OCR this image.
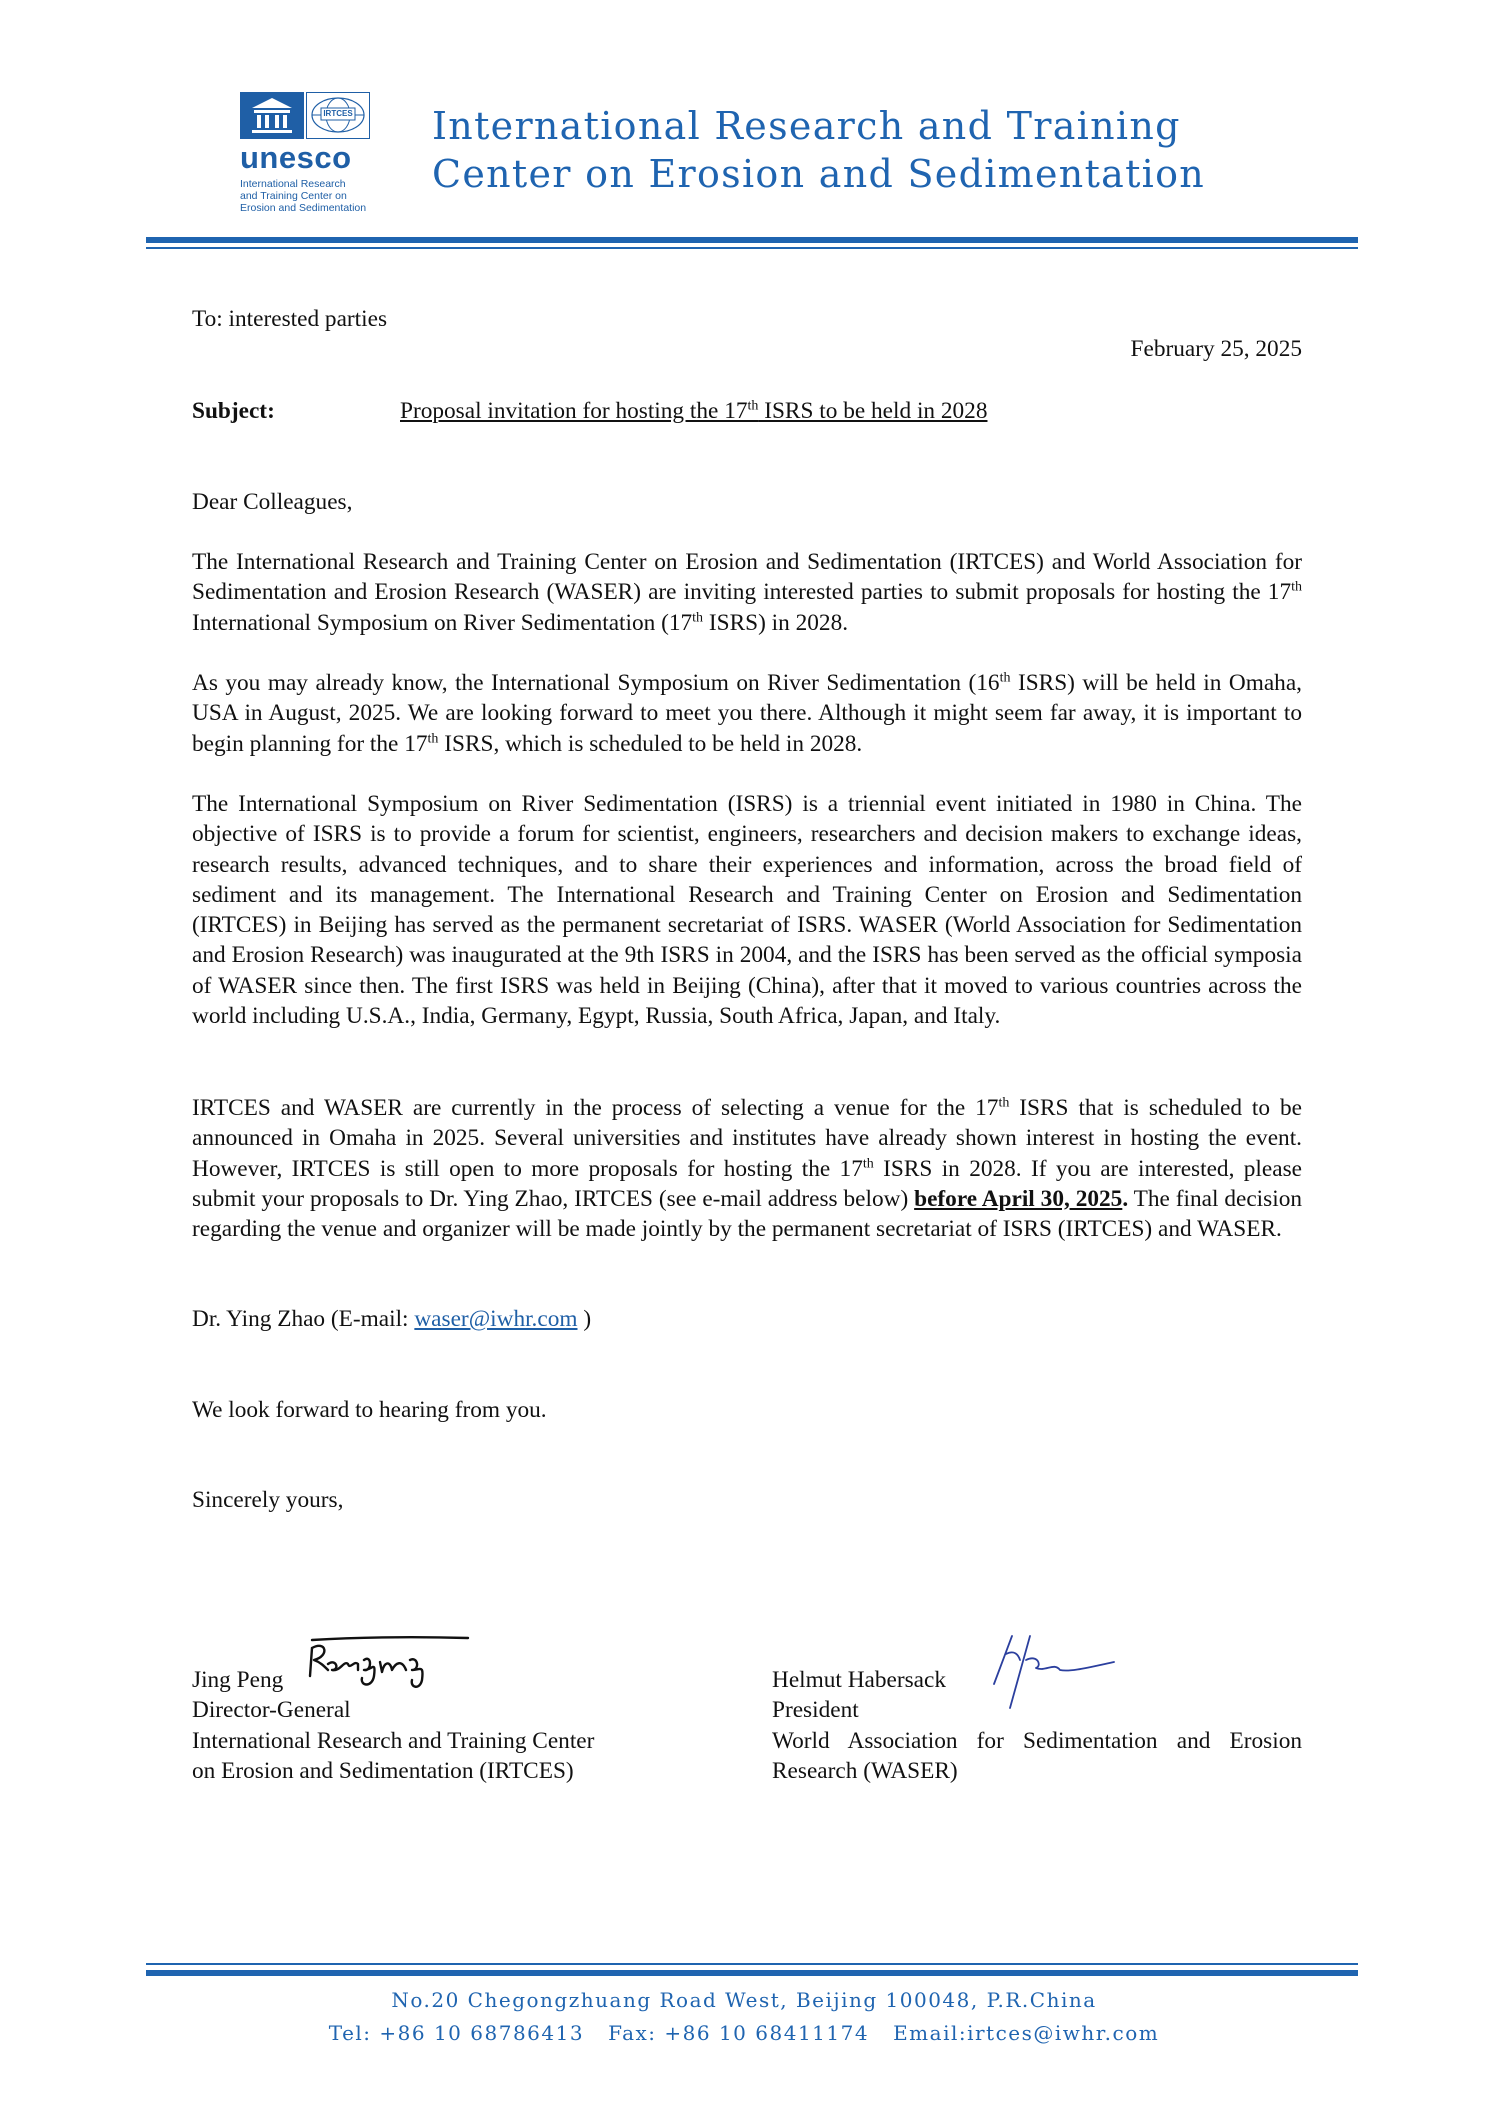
IRTCES
unesco
International Research
and Training Center on
Erosion and Sedimentation
International Research and Training
Center on Erosion and Sedimentation
To: interested parties
February 25, 2025
Subject:	Proposal invitation for hosting the 17th ISRS to be held in 2028
Dear Colleagues,

The International Research and Training Center on Erosion and Sedimentation (IRTCES) and World Association for Sedimentation and Erosion Research (WASER) are inviting interested parties to submit proposals for hosting the 17th International Symposium on River Sedimentation (17th ISRS) in 2028.

As you may already know, the International Symposium on River Sedimentation (16th ISRS) will be held in Omaha, USA in August, 2025. We are looking forward to meet you there. Although it might seem far away, it is important to begin planning for the 17th ISRS, which is scheduled to be held in 2028.

The International Symposium on River Sedimentation (ISRS) is a triennial event initiated in 1980 in China. The objective of ISRS is to provide a forum for scientist, engineers, researchers and decision makers to exchange ideas, research results, advanced techniques, and to share their experiences and information, across the broad field of sediment and its management. The International Research and Training Center on Erosion and Sedimentation (IRTCES) in Beijing has served as the permanent secretariat of ISRS. WASER (World Association for Sedimentation and Erosion Research) was inaugurated at the 9th ISRS in 2004, and the ISRS has been served as the official symposia of WASER since then. The first ISRS was held in Beijing (China), after that it moved to various countries across the world including U.S.A., India, Germany, Egypt, Russia, South Africa, Japan, and Italy.

IRTCES and WASER are currently in the process of selecting a venue for the 17th ISRS that is scheduled to be announced in Omaha in 2025. Several universities and institutes have already shown interest in hosting the event. However, IRTCES is still open to more proposals for hosting the 17th ISRS in 2028. If you are interested, please submit your proposals to Dr. Ying Zhao, IRTCES (see e-mail address below) before April 30, 2025. The final decision regarding the venue and organizer will be made jointly by the permanent secretariat of ISRS (IRTCES) and WASER.

Dr. Ying Zhao (E-mail: waser@iwhr.com )
We look forward to hearing from you.
Sincerely yours,
Jing Peng
Director-General
International Research and Training Center
on Erosion and Sedimentation (IRTCES)
Helmut Habersack
President
World Association for Sedimentation and Erosion
Research (WASER)
No.20 Chegongzhuang Road West, Beijing 100048, P.R.China
Tel: +86 10 68786413 Fax: +86 10 68411174 Email:irtces@iwhr.com
